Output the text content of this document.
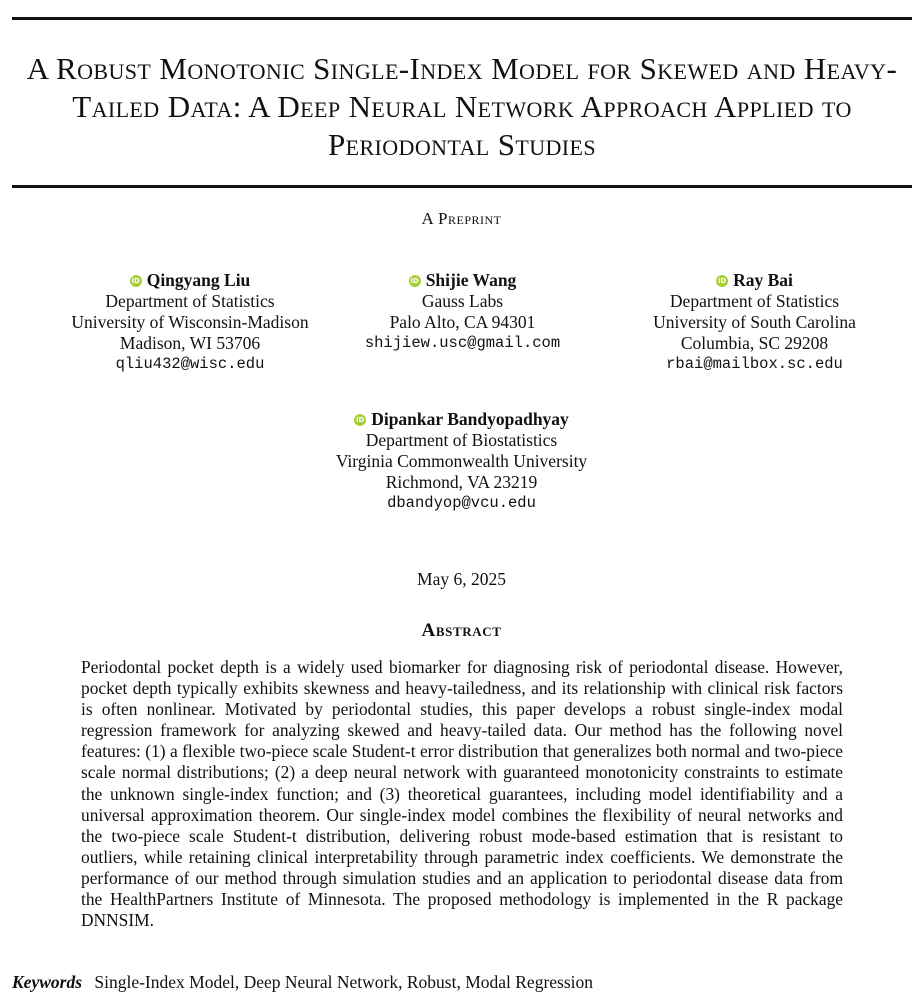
A Robust Monotonic Single-Index Model for Skewed and Heavy-Tailed Data: A Deep Neural Network Approach Applied to Periodontal Studies
A Preprint
iD Qingyang Liu
Department of Statistics
University of Wisconsin-Madison
Madison, WI 53706
qliu432@wisc.edu
iD Shijie Wang
Gauss Labs
Palo Alto, CA 94301
shijiew.usc@gmail.com
iD Ray Bai
Department of Statistics
University of South Carolina
Columbia, SC 29208
rbai@mailbox.sc.edu
iD Dipankar Bandyopadhyay
Department of Biostatistics
Virginia Commonwealth University
Richmond, VA 23219
dbandyop@vcu.edu
May 6, 2025
Abstract

Periodontal pocket depth is a widely used biomarker for diagnosing risk of periodontal disease. However, pocket depth typically exhibits skewness and heavy-tailedness, and its relationship with clinical risk factors is often nonlinear. Motivated by periodontal studies, this paper develops a robust single-index modal regression framework for analyzing skewed and heavy-tailed data. Our method has the following novel features: (1) a flexible two-piece scale Student-t error distribution that generalizes both normal and two-piece scale normal distributions; (2) a deep neural network with guaranteed monotonicity constraints to estimate the unknown single-index function; and (3) theoretical guarantees, including model identifiability and a universal approximation theorem. Our single-index model combines the flexibility of neural networks and the two-piece scale Student-t distribution, delivering robust mode-based estimation that is resistant to outliers, while retaining clinical interpretability through parametric index coefficients. We demonstrate the performance of our method through simulation studies and an application to periodontal disease data from the HealthPartners Institute of Minnesota. The proposed methodology is implemented in the R package DNNSIM.

Keywords Single-Index Model, Deep Neural Network, Robust, Modal Regression
